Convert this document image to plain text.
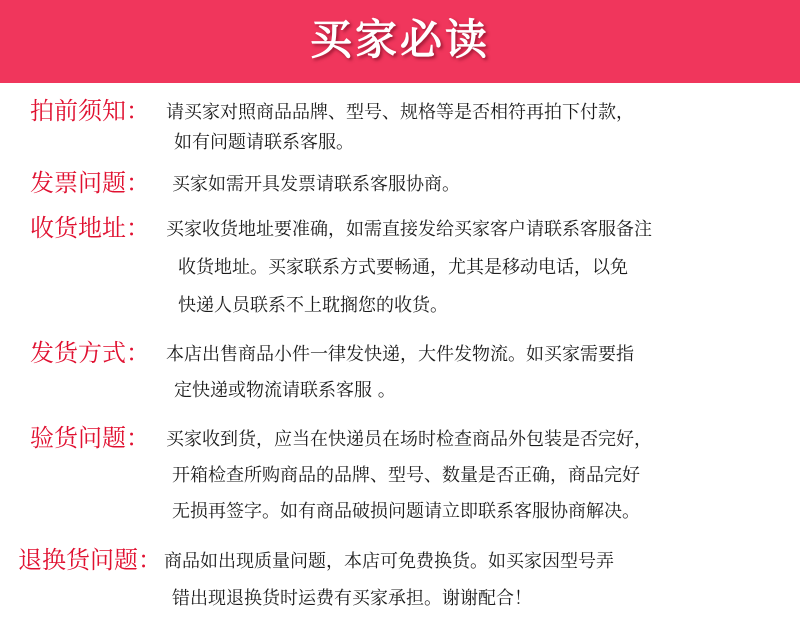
买家必读
拍前须知： 请买家对照商品品牌、型号、规格等是否相符再拍下付款，
如有问题请联系客服。
发票问题： 买家如需开具发票请联系客服协商。
收货地址： 买家收货地址要准确，如需直接发给买家客户请联系客服备注
收货地址。买家联系方式要畅通，尤其是移动电话，以免
快递人员联系不上耽搁您的收货。
发货方式： 本店出售商品小件一律发快递，大件发物流。如买家需要指
定快递或物流请联系客服 。
验货问题： 买家收到货，应当在快递员在场时检查商品外包装是否完好，
开箱检查所购商品的品牌、型号、数量是否正确，商品完好
无损再签字。如有商品破损问题请立即联系客服协商解决。
退换货问题： 商品如出现质量问题，本店可免费换货。如买家因型号弄
错出现退换货时运费有买家承担。谢谢配合！
